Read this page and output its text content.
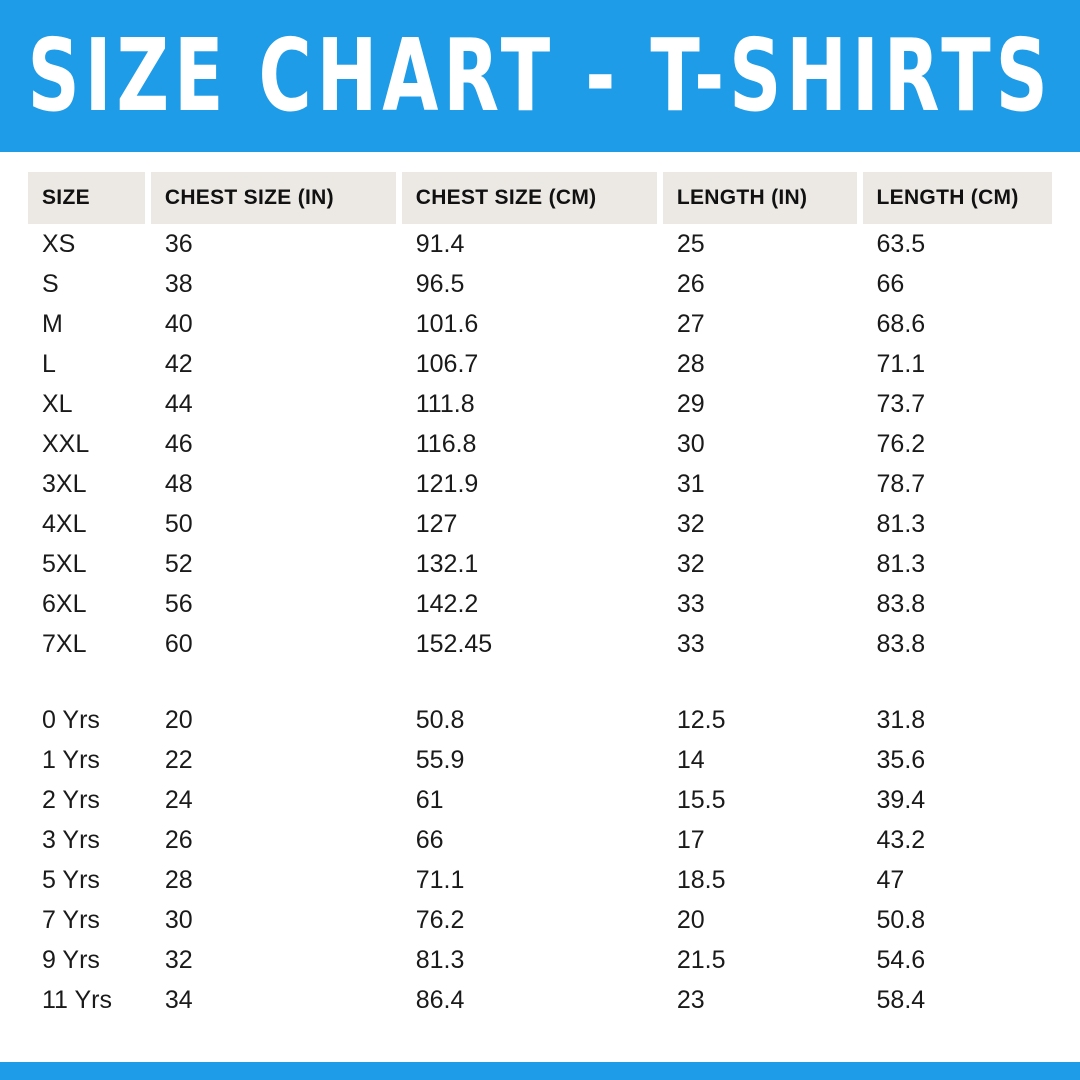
SIZE CHART - T-SHIRTS
SIZE	CHEST SIZE (IN)	CHEST SIZE (CM)	LENGTH (IN)	LENGTH (CM)
XS	36	91.4	25	63.5
S	38	96.5	26	66
M	40	101.6	27	68.6
L	42	106.7	28	71.1
XL	44	111.8	29	73.7
XXL	46	116.8	30	76.2
3XL	48	121.9	31	78.7
4XL	50	127	32	81.3
5XL	52	132.1	32	81.3
6XL	56	142.2	33	83.8
7XL	60	152.45	33	83.8

0 Yrs	20	50.8	12.5	31.8
1 Yrs	22	55.9	14	35.6
2 Yrs	24	61	15.5	39.4
3 Yrs	26	66	17	43.2
5 Yrs	28	71.1	18.5	47
7 Yrs	30	76.2	20	50.8
9 Yrs	32	81.3	21.5	54.6
11 Yrs	34	86.4	23	58.4
